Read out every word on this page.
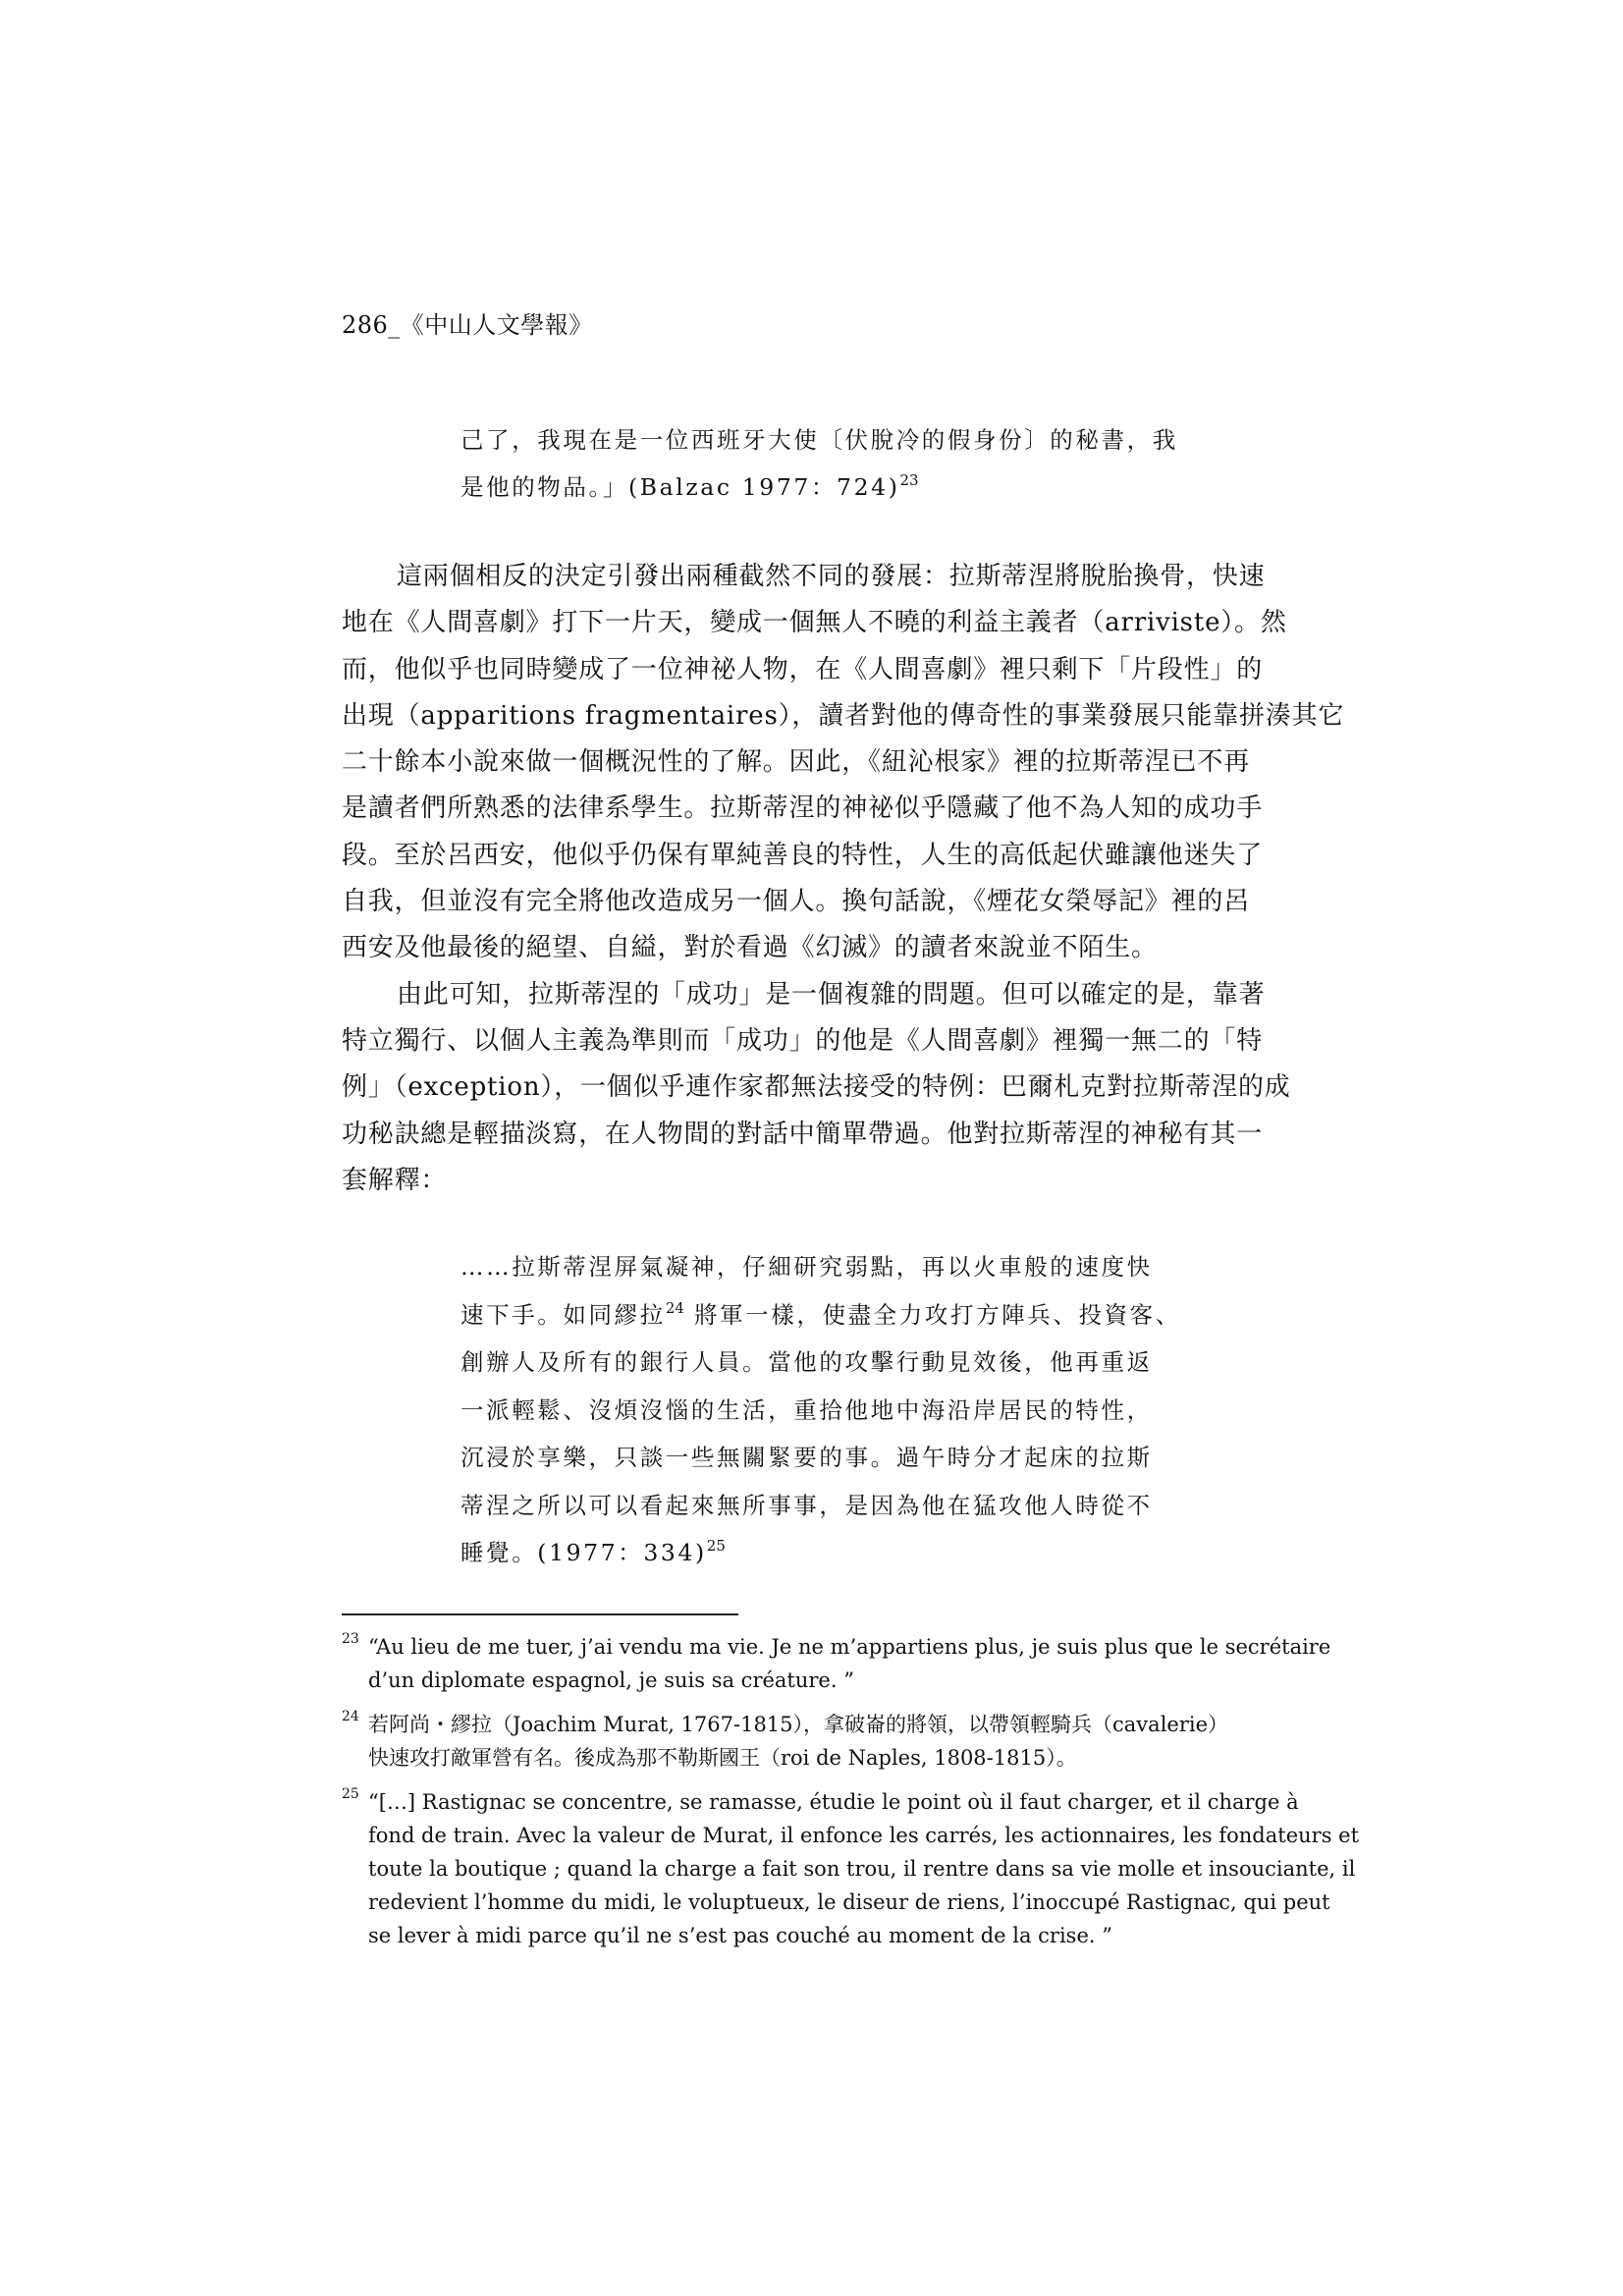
286_《中山人文學報》
己了，我現在是一位西班牙大使〔伏脫冷的假身份〕的秘書，我
是他的物品。」(Balzac 1977：724)$^{23}$
這兩個相反的決定引發出兩種截然不同的發展：拉斯蒂涅將脫胎換骨，快速
地在《人間喜劇》打下一片天，變成一個無人不曉的利益主義者（arriviste）。然
而，他似乎也同時變成了一位神祕人物，在《人間喜劇》裡只剩下「片段性」的
出現（apparitions fragmentaires），讀者對他的傳奇性的事業發展只能靠拼湊其它
二十餘本小說來做一個概況性的了解。因此，《紐沁根家》裡的拉斯蒂涅已不再
是讀者們所熟悉的法律系學生。拉斯蒂涅的神祕似乎隱藏了他不為人知的成功手
段。至於呂西安，他似乎仍保有單純善良的特性，人生的高低起伏雖讓他迷失了
自我，但並沒有完全將他改造成另一個人。換句話說，《煙花女榮辱記》裡的呂
西安及他最後的絕望、自縊，對於看過《幻滅》的讀者來說並不陌生。
由此可知，拉斯蒂涅的「成功」是一個複雜的問題。但可以確定的是，靠著
特立獨行、以個人主義為準則而「成功」的他是《人間喜劇》裡獨一無二的「特
例」（exception），一個似乎連作家都無法接受的特例：巴爾札克對拉斯蒂涅的成
功秘訣總是輕描淡寫，在人物間的對話中簡單帶過。他對拉斯蒂涅的神秘有其一
套解釋：
……拉斯蒂涅屏氣凝神，仔細研究弱點，再以火車般的速度快
速下手。如同繆拉$^{24}$ 將軍一樣，使盡全力攻打方陣兵、投資客、
創辦人及所有的銀行人員。當他的攻擊行動見效後，他再重返
一派輕鬆、沒煩沒惱的生活，重拾他地中海沿岸居民的特性，
沉浸於享樂，只談一些無關緊要的事。過午時分才起床的拉斯
蒂涅之所以可以看起來無所事事，是因為他在猛攻他人時從不
睡覺。(1977：334)$^{25}$
23 “Au lieu de me tuer, j’ai vendu ma vie. Je ne m’appartiens plus, je suis plus que le secrétaire
d’un diplomate espagnol, je suis sa créature. ”
24 若阿尚・繆拉（Joachim Murat, 1767-1815），拿破崙的將領，以帶領輕騎兵（cavalerie）
快速攻打敵軍營有名。後成為那不勒斯國王（roi de Naples, 1808-1815）。
25 “[…] Rastignac se concentre, se ramasse, étudie le point où il faut charger, et il charge à
fond de train. Avec la valeur de Murat, il enfonce les carrés, les actionnaires, les fondateurs et
toute la boutique ; quand la charge a fait son trou, il rentre dans sa vie molle et insouciante, il
redevient l’homme du midi, le voluptueux, le diseur de riens, l’inoccupé Rastignac, qui peut
se lever à midi parce qu’il ne s’est pas couché au moment de la crise. ”
